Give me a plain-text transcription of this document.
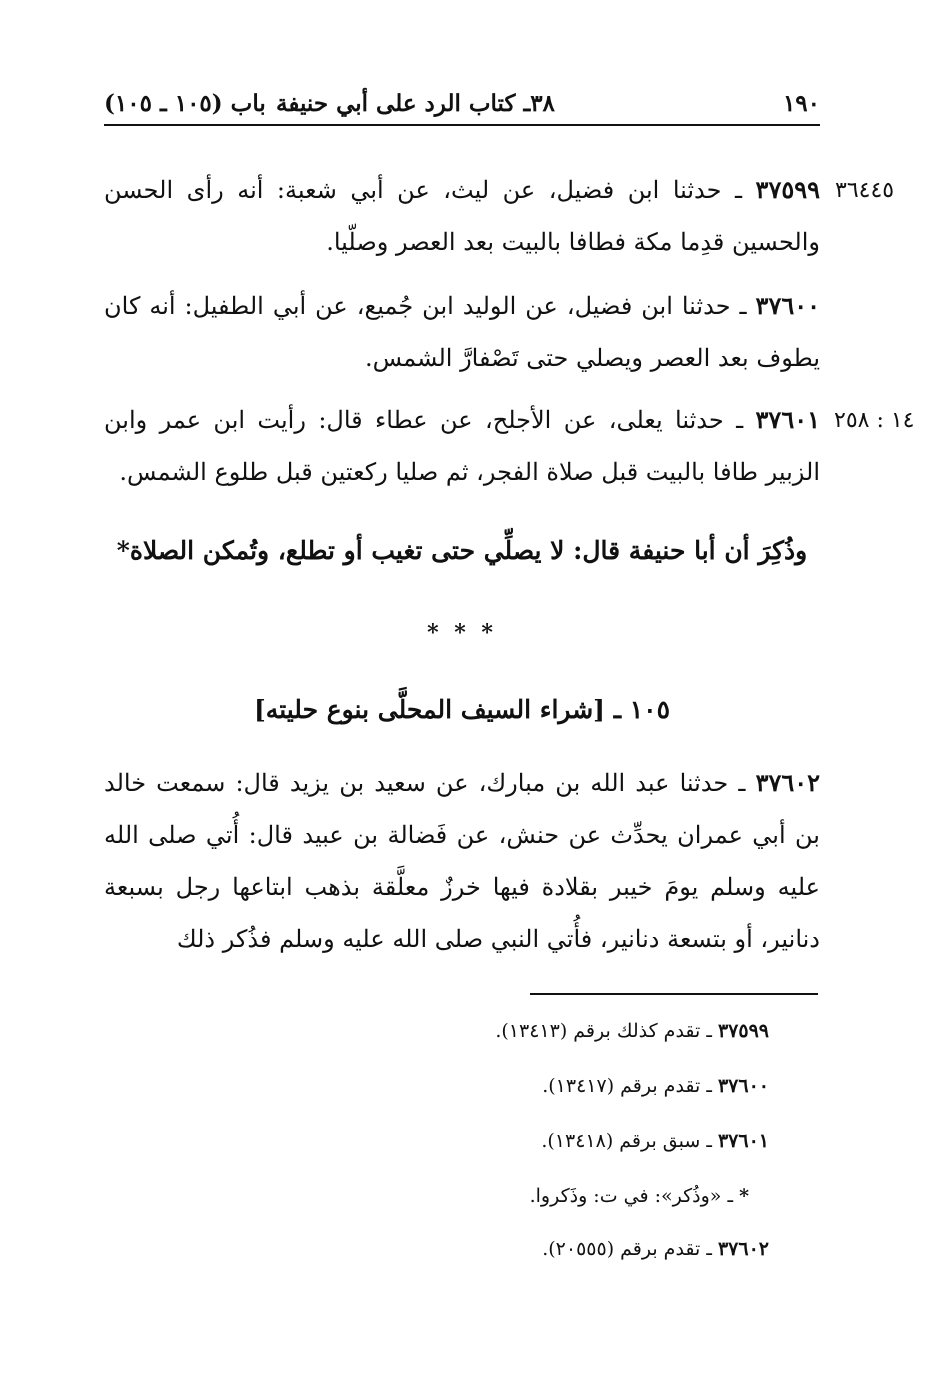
١٩٠
٣٨ـ كتاب الرد على أبي حنيفة
باب (١٠٥ ـ ١٠٥)
٣٦٤٤٥
٣٧٥٩٩ ـ حدثنا ابن فضيل، عن ليث، عن أبي شعبة: أنه رأى الحسن والحسين قدِما مكة فطافا بالبيت بعد العصر وصلّيا.
٣٧٦٠٠ ـ حدثنا ابن فضيل، عن الوليد ابن جُميع، عن أبي الطفيل: أنه كان يطوف بعد العصر ويصلي حتى تَصْفارَّ الشمس.
١٤ : ٢٥٨
٣٧٦٠١ ـ حدثنا يعلى، عن الأجلح، عن عطاء قال: رأيت ابن عمر وابن الزبير طافا بالبيت قبل صلاة الفجر، ثم صليا ركعتين قبل طلوع الشمس.
وذُكِرَ أن أبا حنيفة قال: لا يصلِّي حتى تغيب أو تطلع، وتُمكن الصلاة*
* * *
١٠٥ ـ [شراء السيف المحلَّى بنوع حليته]
٣٧٦٠٢ ـ حدثنا عبد الله بن مبارك، عن سعيد بن يزيد قال: سمعت خالد بن أبي عمران يحدِّث عن حنش، عن فَضالة بن عبيد قال: أُتي صلى الله عليه وسلم يومَ خيبر بقلادة فيها خرزٌ معلَّقة بذهب ابتاعها رجل بسبعة دنانير، أو بتسعة دنانير، فأُتي النبي صلى الله عليه وسلم فذُكر ذلك
٣٧٥٩٩ ـ تقدم كذلك برقم (١٣٤١٣).
٣٧٦٠٠ ـ تقدم برقم (١٣٤١٧).
٣٧٦٠١ ـ سبق برقم (١٣٤١٨).
* ـ «وذُكر»: في ت: وذَكروا.
٣٧٦٠٢ ـ تقدم برقم (٢٠٥٥٥).
